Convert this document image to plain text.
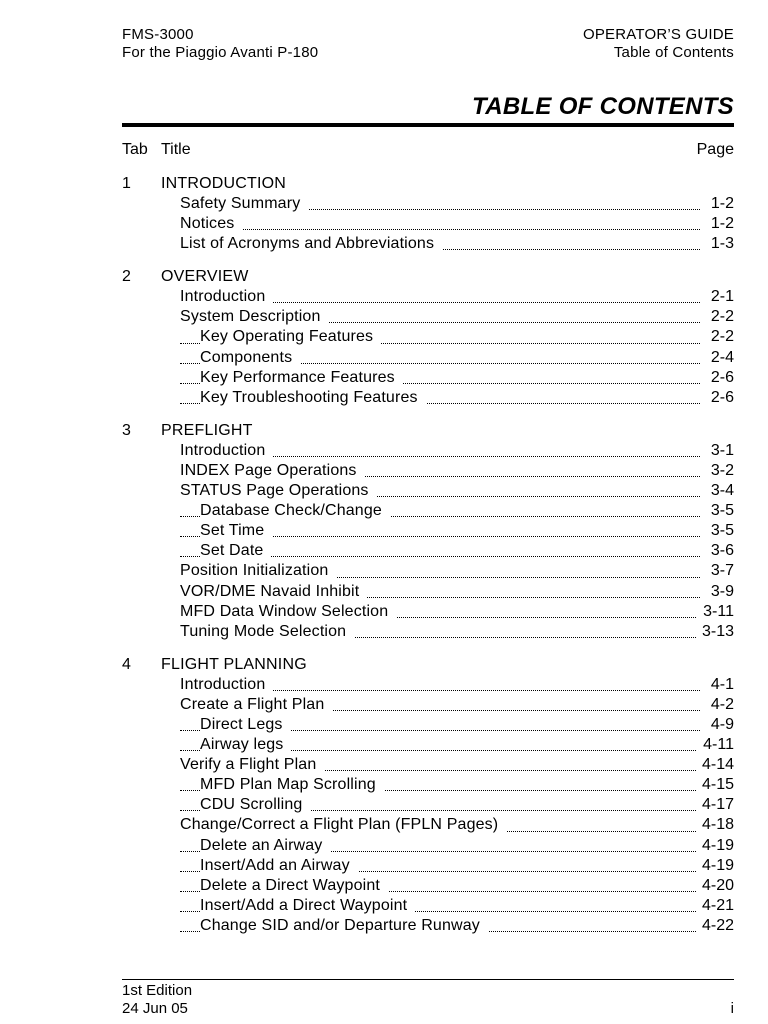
FMS-3000
For the Piaggio Avanti P-180
OPERATOR’S GUIDE
Table of Contents
TABLE OF CONTENTS
Tab Title	Page
1 INTRODUCTION
Safety Summary	1-2
Notices	1-2
List of Acronyms and Abbreviations	1-3
2 OVERVIEW
Introduction	2-1
System Description	2-2
Key Operating Features	2-2
Components	2-4
Key Performance Features	2-6
Key Troubleshooting Features	2-6
3 PREFLIGHT
Introduction	3-1
INDEX Page Operations	3-2
STATUS Page Operations	3-4
Database Check/Change	3-5
Set Time	3-5
Set Date	3-6
Position Initialization	3-7
VOR/DME Navaid Inhibit	3-9
MFD Data Window Selection	3-11
Tuning Mode Selection	3-13
4 FLIGHT PLANNING
Introduction	4-1
Create a Flight Plan	4-2
Direct Legs	4-9
Airway legs	4-11
Verify a Flight Plan	4-14
MFD Plan Map Scrolling	4-15
CDU Scrolling	4-17
Change/Correct a Flight Plan (FPLN Pages)	4-18
Delete an Airway	4-19
Insert/Add an Airway	4-19
Delete a Direct Waypoint	4-20
Insert/Add a Direct Waypoint	4-21
Change SID and/or Departure Runway	4-22
1st Edition
24 Jun 05	i
